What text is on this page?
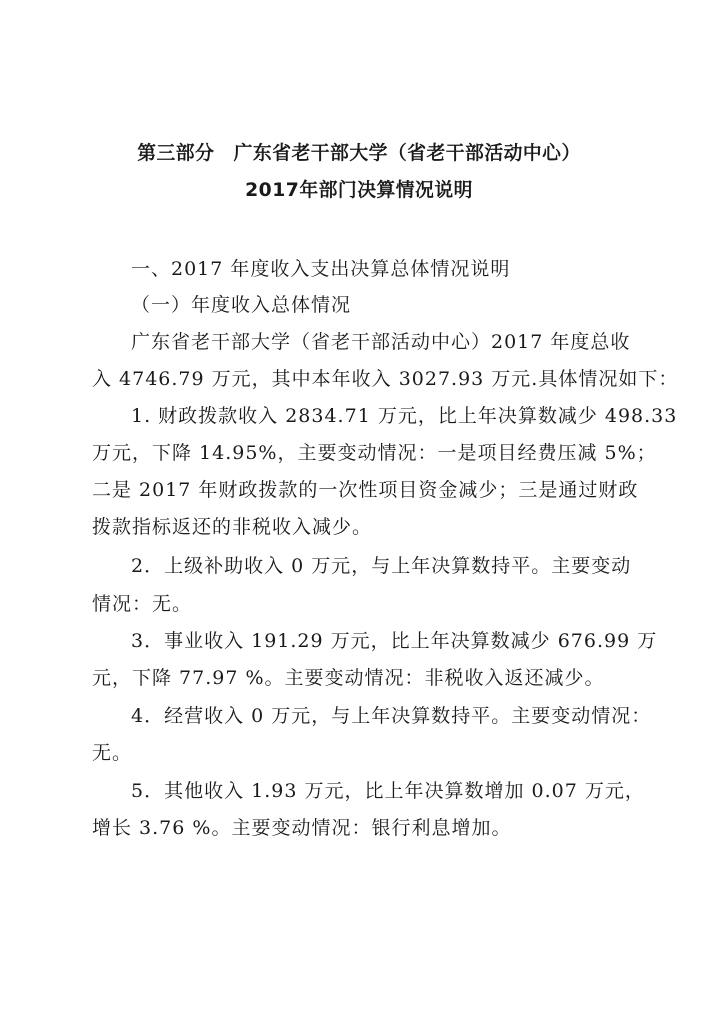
第三部分　广东省老干部大学（省老干部活动中心）
2017年部门决算情况说明
一、2017 年度收入支出决算总体情况说明
（一）年度收入总体情况
广东省老干部大学（省老干部活动中心）2017 年度总收
入 4746.79 万元，其中本年收入 3027.93 万元.具体情况如下：
1. 财政拨款收入 2834.71 万元，比上年决算数减少 498.33
万元，下降 14.95%，主要变动情况：一是项目经费压减 5%；
二是 2017 年财政拨款的一次性项目资金减少；三是通过财政
拨款指标返还的非税收入减少。
2．上级补助收入 0 万元，与上年决算数持平。主要变动
情况：无。
3．事业收入 191.29 万元，比上年决算数减少 676.99 万
元，下降 77.97 %。主要变动情况：非税收入返还减少。
4．经营收入 0 万元，与上年决算数持平。主要变动情况：
无。
5．其他收入 1.93 万元，比上年决算数增加 0.07 万元，
增长 3.76 %。主要变动情况：银行利息增加。
